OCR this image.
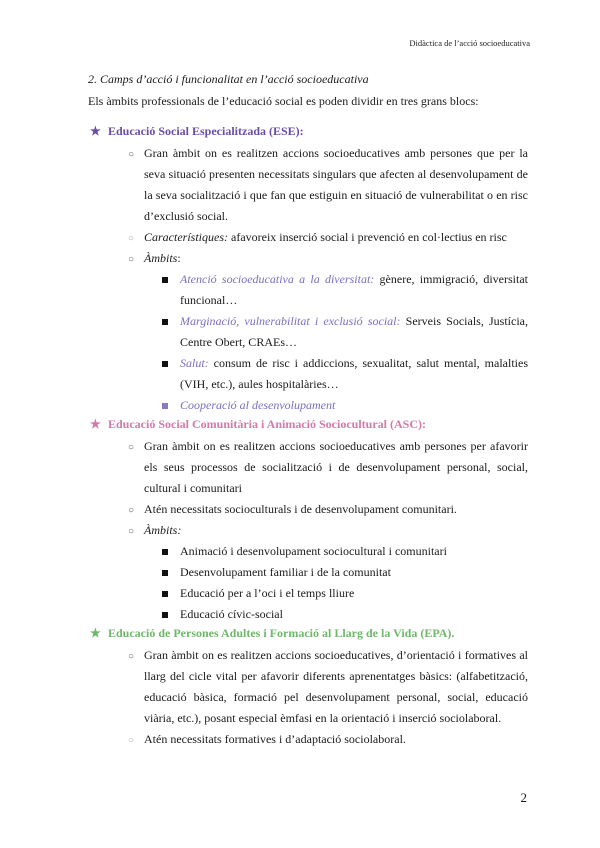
Didàctica de l’acció socioeducativa

2. Camps d’acció i funcionalitat en l’acció socioeducativa

Els àmbits professionals de l’educació social es poden dividir en tres grans blocs:

★ Educació Social Especialitzada (ESE):
○ Gran àmbit on es realitzen accions socioeducatives amb persones que per la seva situació presenten necessitats singulars que afecten al desenvolupament de la seva socialització i que fan que estiguin en situació de vulnerabilitat o en risc d’exclusió social.
○ Característiques: afavoreix inserció social i prevenció en col·lectius en risc
○ Àmbits:
Atenció socioeducativa a la diversitat: gènere, immigració, diversitat funcional…
Marginació, vulnerabilitat i exclusió social: Serveis Socials, Justícia, Centre Obert, CRAEs…
Salut: consum de risc i addiccions, sexualitat, salut mental, malalties (VIH, etc.), aules hospitalàries…
Cooperació al desenvolupament
★ Educació Social Comunitària i Animació Sociocultural (ASC):
○ Gran àmbit on es realitzen accions socioeducatives amb persones per afavorir els seus processos de socialització i de desenvolupament personal, social, cultural i comunitari
○ Atén necessitats socioculturals i de desenvolupament comunitari.
○ Àmbits:
Animació i desenvolupament sociocultural i comunitari
Desenvolupament familiar i de la comunitat
Educació per a l’oci i el temps lliure
Educació cívic-social
★ Educació de Persones Adultes i Formació al Llarg de la Vida (EPA).
○ Gran àmbit on es realitzen accions socioeducatives, d’orientació i formatives al llarg del cicle vital per afavorir diferents aprenentatges bàsics: (alfabetització, educació bàsica, formació pel desenvolupament personal, social, educació viària, etc.), posant especial èmfasi en la orientació i inserció sociolaboral.
○ Atén necessitats formatives i d’adaptació sociolaboral.
2
